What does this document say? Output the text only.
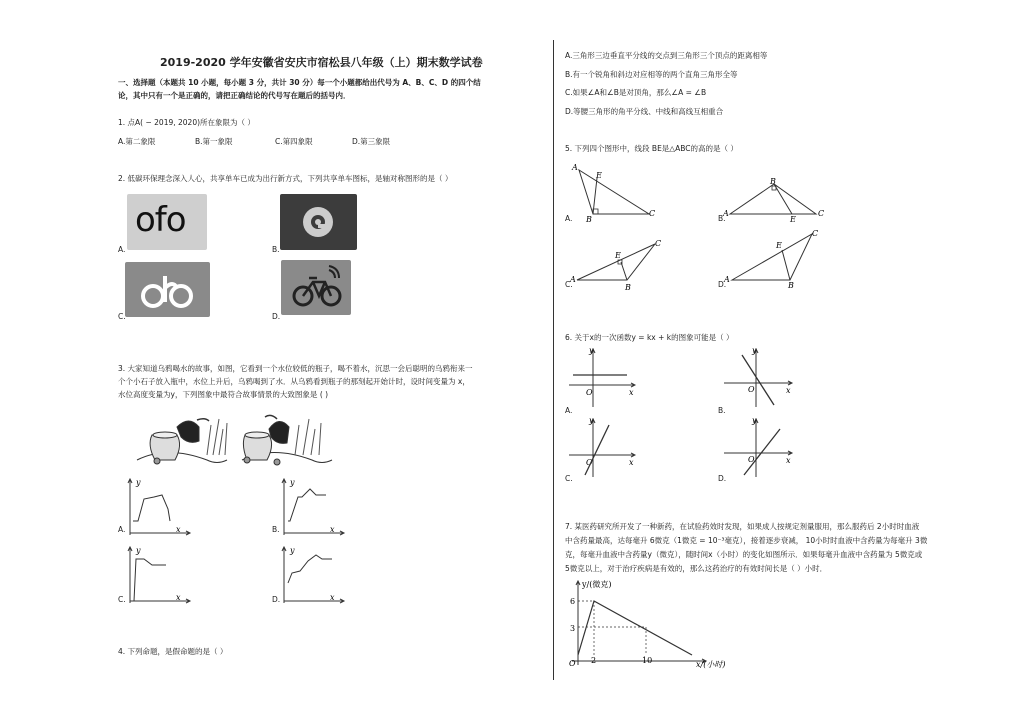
2019-2020 学年安徽省安庆市宿松县八年级（上）期末数学试卷
一、选择题（本题共 10 小题，每小题 3 分，共计 30 分）每一个小题都给出代号为 A、B、C、D 的四个结
论，其中只有一个是正确的，请把正确结论的代号写在题后的括号内．
1. 点A( − 2019, 2020)所在象限为（ ）
A.第二象限	B.第一象限	C.第四象限	D.第三象限
2. 低碳环保理念深入人心，共享单车已成为出行新方式，下列共享单车图标，是轴对称图形的是（ ）
ofo
A.	B.
C.	D.
3. 大家知道乌鸦喝水的故事，如图，它看到一个水位较低的瓶子，喝不着水，沉思一会后聪明的乌鸦衔来一
个个小石子放入瓶中，水位上升后，乌鸦喝到了水．从乌鸦看到瓶子的那刻起开始计时，设时间变量为 x，
水位高度变量为y，下列图象中最符合故事情景的大致图象是 ( )
y
x
A.
y
x
B.
y
x
C.
y
x
D.
4. 下列命题，是假命题的是（ ）
A.三角形三边垂直平分线的交点到三角形三个顶点的距离相等
B.有一个锐角和斜边对应相等的两个直角三角形全等
C.如果∠A和∠B是对顶角，那么∠A = ∠B
D.等腰三角形的角平分线、中线和高线互相重合
5. 下列四个图形中，线段 BE是△ABC的高的是（ ）
A
E
B
C
A.
B
A
E
C
B.
A
E
C
B
C.
A
E
C
B
D.
6. 关于x的一次函数y = kx + k的图象可能是（ ）
y
x
O
A.
y
x
O
B.
y
x
O
C.
y
x
O
D.
7. 某医药研究所开发了一种新药，在试验药效时发现，如果成人按规定剂量服用，那么服药后 2小时时血液
中含药量最高，达每毫升 6微克（1微克 = 10⁻³毫克），接着逐步衰减， 10小时时血液中含药量为每毫升 3微
克，每毫升血液中含药量y（微克），随时间x（小时）的变化如图所示．如果每毫升血液中含药量为 5微克或
5微克以上，对于治疗疾病是有效的，那么这药治疗的有效时间长是（ ）小时．
y/(微克)
x/(小时)
O
6
3
2	10
